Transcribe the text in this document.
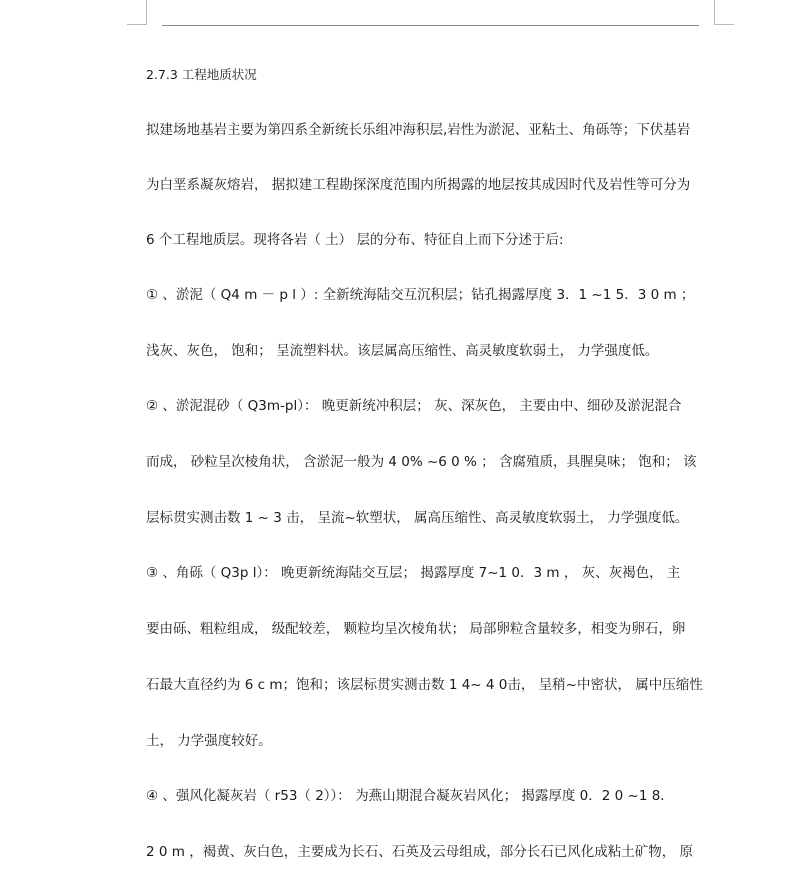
2.7.3 工程地质状况
拟建场地基岩主要为第四系全新统长乐组冲海积层,岩性为淤泥、亚粘土、角砾等；下伏基岩
为白垩系凝灰熔岩， 据拟建工程勘探深度范围内所揭露的地层按其成因时代及岩性等可分为
6 个工程地质层。现将各岩（ 土） 层的分布、特征自上而下分述于后:
① 、淤泥（ Q4 m － p l ）: 全新统海陆交互沉积层；钻孔揭露厚度 3．1 ~1 5．3 0 m ；
浅灰、灰色， 饱和； 呈流塑料状。该层属高压缩性、高灵敏度软弱土， 力学强度低。
② 、淤泥混砂（ Q3m-pl）： 晚更新统冲积层； 灰、深灰色， 主要由中、细砂及淤泥混合
而成， 砂粒呈次棱角状， 含淤泥一般为 4 0% ~6 0 % ； 含腐殖质，具腥臭味； 饱和； 该
层标贯实测击数 1 ~ 3 击， 呈流~软塑状， 属高压缩性、高灵敏度软弱土， 力学强度低。
③ 、角砾（ Q3p l）： 晚更新统海陆交互层； 揭露厚度 7~1 0．3 m ， 灰、灰褐色， 主
要由砾、粗粒组成， 级配较差， 颗粒均呈次棱角状； 局部卵粒含量较多，相变为卵石，卵
石最大直径约为 6 c m；饱和；该层标贯实测击数 1 4~ 4 0击， 呈稍~中密状， 属中压缩性
土， 力学强度较好。
④ 、强风化凝灰岩（ r53（ 2））： 为燕山期混合凝灰岩风化； 揭露厚度 0．2 0 ~1 8．
2 0 m ，褐黄、灰白色，主要成为长石、石英及云母组成，部分长石已风化成粘土矿物， 原
